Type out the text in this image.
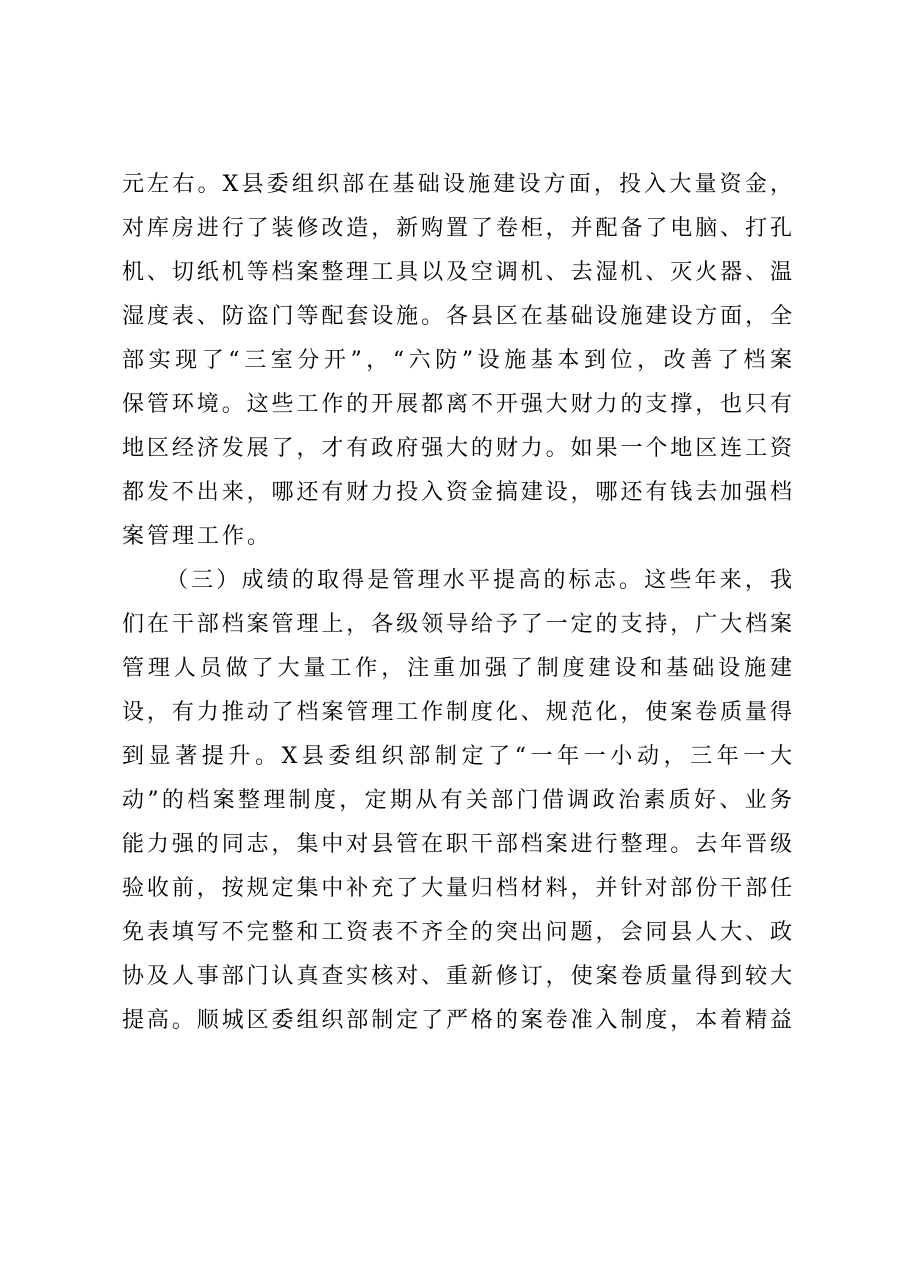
元左右。X县委组织部在基础设施建设方面，投入大量资金，
对库房进行了装修改造，新购置了卷柜，并配备了电脑、打孔
机、切纸机等档案整理工具以及空调机、去湿机、灭火器、温
湿度表、防盗门等配套设施。各县区在基础设施建设方面，全
部实现了“三室分开”，“六防”设施基本到位，改善了档案
保管环境。这些工作的开展都离不开强大财力的支撑，也只有
地区经济发展了，才有政府强大的财力。如果一个地区连工资
都发不出来，哪还有财力投入资金搞建设，哪还有钱去加强档
案管理工作。
（三）成绩的取得是管理水平提高的标志。这些年来，我
们在干部档案管理上，各级领导给予了一定的支持，广大档案
管理人员做了大量工作，注重加强了制度建设和基础设施建
设，有力推动了档案管理工作制度化、规范化，使案卷质量得
到显著提升。X县委组织部制定了“一年一小动，三年一大
动”的档案整理制度，定期从有关部门借调政治素质好、业务
能力强的同志，集中对县管在职干部档案进行整理。去年晋级
验收前，按规定集中补充了大量归档材料，并针对部份干部任
免表填写不完整和工资表不齐全的突出问题，会同县人大、政
协及人事部门认真查实核对、重新修订，使案卷质量得到较大
提高。顺城区委组织部制定了严格的案卷准入制度，本着精益
